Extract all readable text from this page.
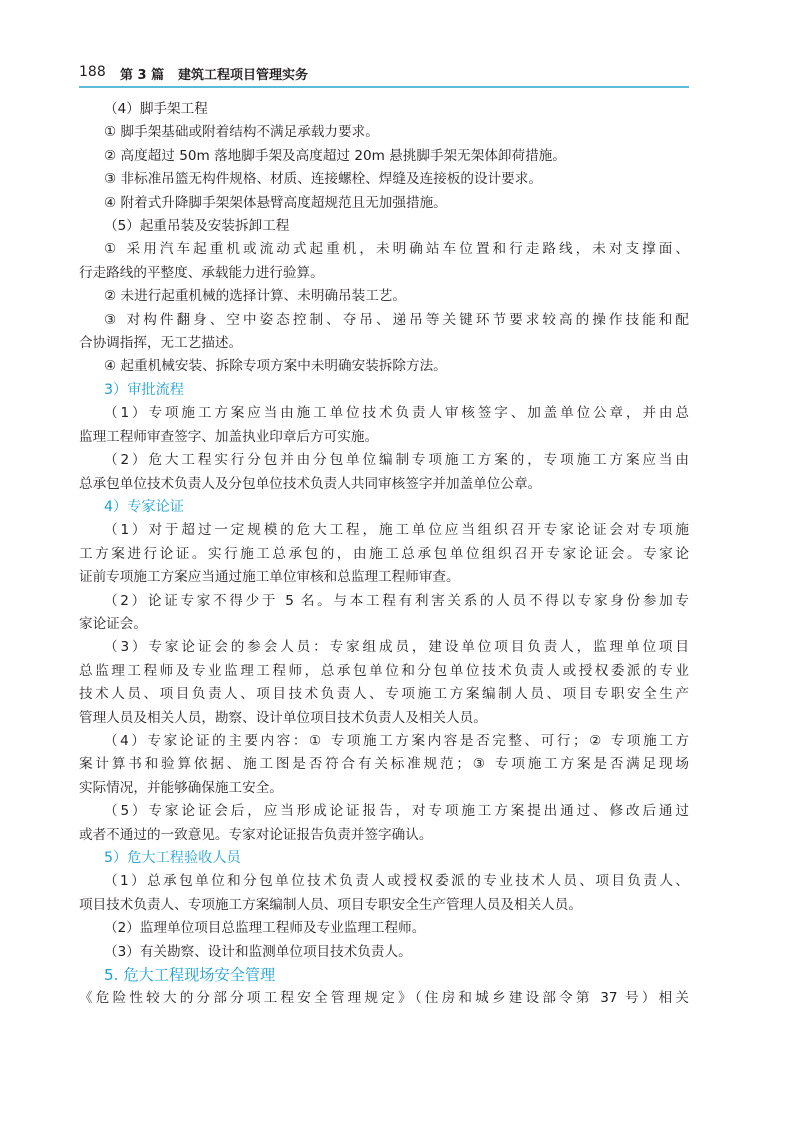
188 第 3 篇 建筑工程项目管理实务
（4）脚手架工程
① 脚手架基础或附着结构不满足承载力要求。
② 高度超过 50m 落地脚手架及高度超过 20m 悬挑脚手架无架体卸荷措施。
③ 非标准吊篮无构件规格、材质、连接螺栓、焊缝及连接板的设计要求。
④ 附着式升降脚手架架体悬臂高度超规范且无加强措施。
（5）起重吊装及安装拆卸工程
① 采用汽车起重机或流动式起重机，未明确站车位置和行走路线，未对支撑面、
行走路线的平整度、承载能力进行验算。
② 未进行起重机械的选择计算、未明确吊装工艺。
③ 对构件翻身、空中姿态控制、夺吊、递吊等关键环节要求较高的操作技能和配
合协调指挥，无工艺描述。
④ 起重机械安装、拆除专项方案中未明确安装拆除方法。
3）审批流程
（1）专项施工方案应当由施工单位技术负责人审核签字、加盖单位公章，并由总
监理工程师审查签字、加盖执业印章后方可实施。
（2）危大工程实行分包并由分包单位编制专项施工方案的，专项施工方案应当由
总承包单位技术负责人及分包单位技术负责人共同审核签字并加盖单位公章。
4）专家论证
（1）对于超过一定规模的危大工程，施工单位应当组织召开专家论证会对专项施
工方案进行论证。实行施工总承包的，由施工总承包单位组织召开专家论证会。专家论
证前专项施工方案应当通过施工单位审核和总监理工程师审查。
（2）论证专家不得少于 5 名。与本工程有利害关系的人员不得以专家身份参加专
家论证会。
（3）专家论证会的参会人员：专家组成员，建设单位项目负责人，监理单位项目
总监理工程师及专业监理工程师，总承包单位和分包单位技术负责人或授权委派的专业
技术人员、项目负责人、项目技术负责人、专项施工方案编制人员、项目专职安全生产
管理人员及相关人员，勘察、设计单位项目技术负责人及相关人员。
（4）专家论证的主要内容：① 专项施工方案内容是否完整、可行；② 专项施工方
案计算书和验算依据、施工图是否符合有关标准规范；③ 专项施工方案是否满足现场
实际情况，并能够确保施工安全。
（5）专家论证会后，应当形成论证报告，对专项施工方案提出通过、修改后通过
或者不通过的一致意见。专家对论证报告负责并签字确认。
5）危大工程验收人员
（1）总承包单位和分包单位技术负责人或授权委派的专业技术人员、项目负责人、
项目技术负责人、专项施工方案编制人员、项目专职安全生产管理人员及相关人员。
（2）监理单位项目总监理工程师及专业监理工程师。
（3）有关勘察、设计和监测单位项目技术负责人。
5. 危大工程现场安全管理
《危险性较大的分部分项工程安全管理规定》（住房和城乡建设部令第 37 号）相关
